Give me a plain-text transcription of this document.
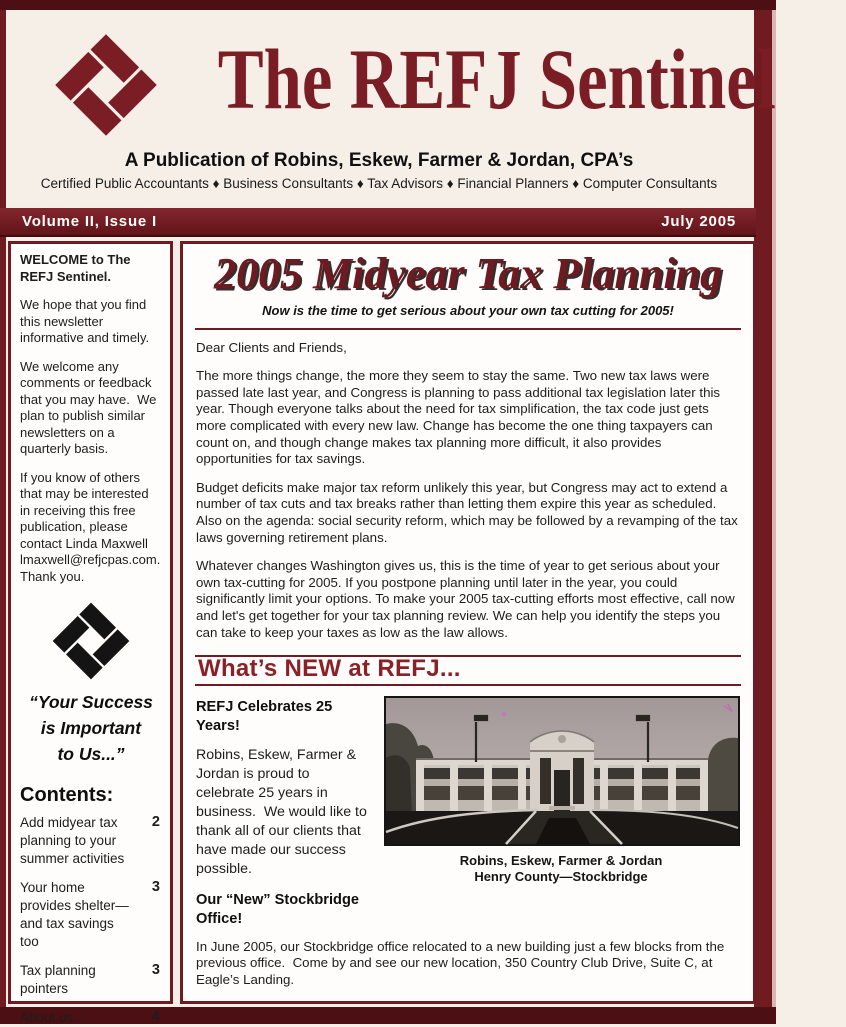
The REFJ Sentinel
A Publication of Robins, Eskew, Farmer & Jordan, CPA’s
Certified Public Accountants ♦ Business Consultants ♦ Tax Advisors ♦ Financial Planners ♦ Computer Consultants
Volume II, Issue I	July 2005

WELCOME to The REFJ Sentinel.

We hope that you find this newsletter informative and timely.

We welcome any comments or feedback that you may have.  We plan to publish similar newsletters on a quarterly basis.

If you know of others that may be interested in receiving this free publication, please contact Linda Maxwell lmaxwell@refjcpas.com. Thank you.

“Your Success
is Important
to Us...”
Contents:
Add midyear tax planning to your summer activities
2
Your home provides shelter—and tax savings too
3
Tax planning pointers
3
About us...	4
2005 Midyear Tax Planning
Now is the time to get serious about your own tax cutting for 2005!

Dear Clients and Friends,

The more things change, the more they seem to stay the same. Two new tax laws were passed late last year, and Congress is planning to pass additional tax legislation later this year. Though everyone talks about the need for tax simplification, the tax code just gets more complicated with every new law. Change has become the one thing taxpayers can count on, and though change makes tax planning more difficult, it also provides opportunities for tax savings.

Budget deficits make major tax reform unlikely this year, but Congress may act to extend a number of tax cuts and tax breaks rather than letting them expire this year as scheduled. Also on the agenda: social security reform, which may be followed by a revamping of the tax laws governing retirement plans.

Whatever changes Washington gives us, this is the time of year to get serious about your own tax-cutting for 2005. If you postpone planning until later in the year, you could significantly limit your options. To make your 2005 tax-cutting efforts most effective, call now and let's get together for your tax planning review. We can help you identify the steps you can take to keep your taxes as low as the law allows.

What’s NEW at REFJ...
REFJ Celebrates 25 Years!

Robins, Eskew, Farmer & Jordan is proud to celebrate 25 years in business.  We would like to thank all of our clients that have made our success possible.

Our “New” Stockbridge Office!
Robins, Eskew, Farmer & Jordan
Henry County—Stockbridge

In June 2005, our Stockbridge office relocated to a new building just a few blocks from the previous office.  Come by and see our new location, 350 Country Club Drive, Suite C, at Eagle’s Landing.
